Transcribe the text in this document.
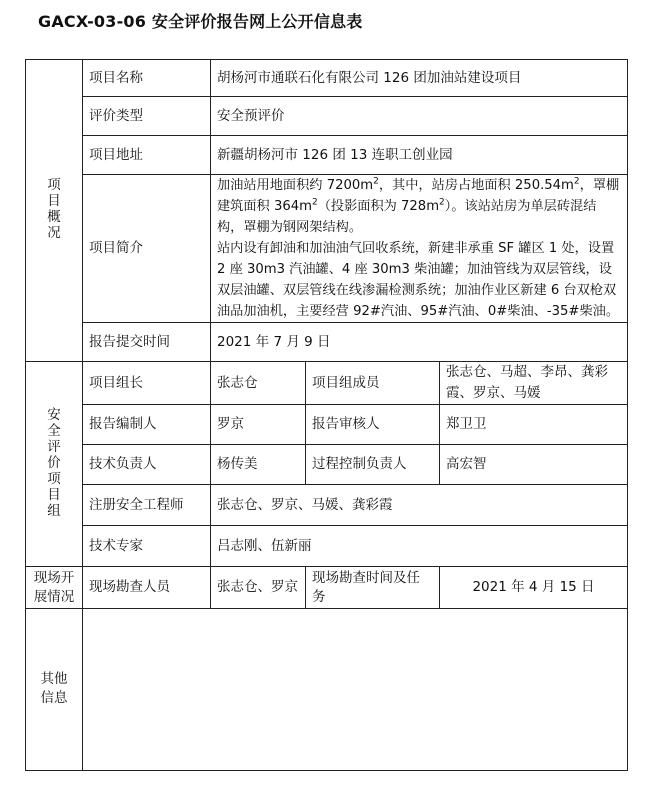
GACX-03-06 安全评价报告网上公开信息表
项目概况	项目名称	胡杨河市通联石化有限公司 126 团加油站建设项目		
	评价类型	安全预评价		
	项目地址	新疆胡杨河市 126 团 13 连职工创业园		
	项目简介	加油站用地面积约 $7200m^2$，其中，站房占地面积 $250.54m^2$，罩棚建筑面积 $364m^2$（投影面积为 $728m^2$）。该站站房为单层砖混结构，罩棚为钢网架结构。

站内设有卸油和加油油气回收系统，新建非承重 SF 罐区 1 处，设置 2 座 30m3 汽油罐、4 座 30m3 柴油罐；加油管线为双层管线，设双层油罐、双层管线在线渗漏检测系统；加油作业区新建 6 台双枪双油品加油机，主要经营 92#汽油、95#汽油、0#柴油、-35#柴油。		

	报告提交时间	2021 年 7 月 9 日		
安全评价项目组	项目组长	张志仓	项目组成员	张志仓、马超、李昂、龚彩霞、罗京、马媛
	报告编制人	罗京	报告审核人	郑卫卫
	技术负责人	杨传美	过程控制负责人	高宏智
	注册安全工程师	张志仓、罗京、马媛、龚彩霞		
	技术专家	吕志刚、伍新丽		
现场开展情况	现场勘查人员	张志仓、罗京	现场勘查时间及任务	2021 年 4 月 15 日
其他信息				
